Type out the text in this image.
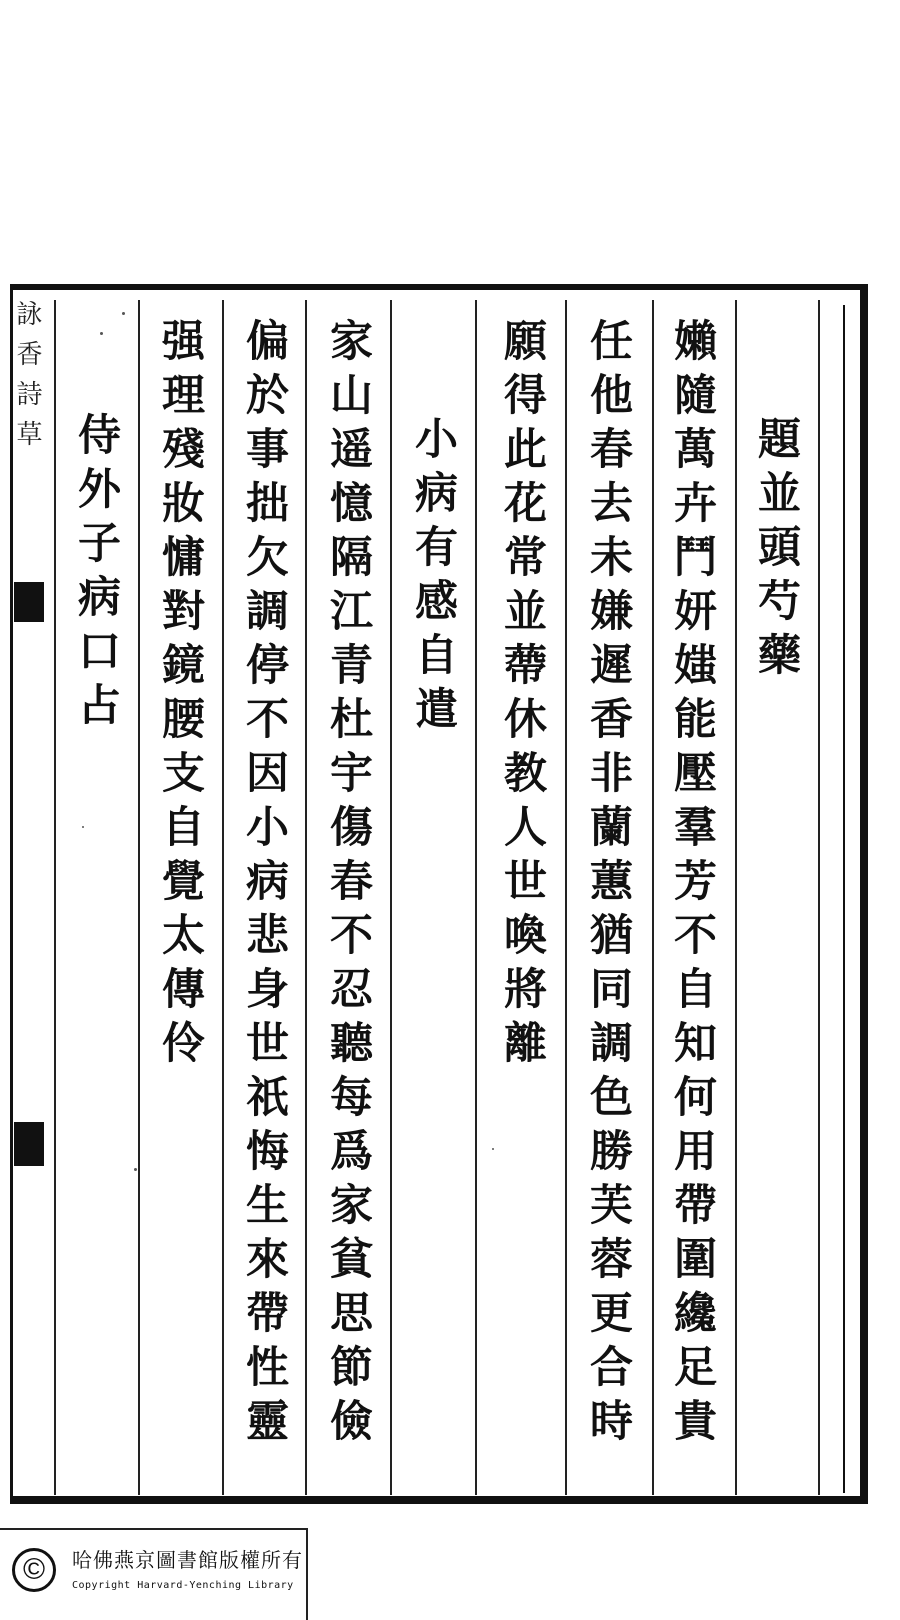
詠香詩草
題並頭芍藥
嬾隨萬卉鬥妍媸能壓羣芳不自知何用帶圍纔足貴
任他春去未嫌遲香非蘭蕙猶同調色勝芙蓉更合時
願得此花常並蔕休教人世喚將離
小病有感自遣
家山遥憶隔江青杜宇傷春不忍聽每爲家貧思節儉
偏於事拙欠調停不因小病悲身世祇悔生來帶性靈
强理殘妝慵對鏡腰支自覺太傳伶
侍外子病口占
©	哈佛燕京圖書館版權所有
Copyright Harvard-Yenching Library
